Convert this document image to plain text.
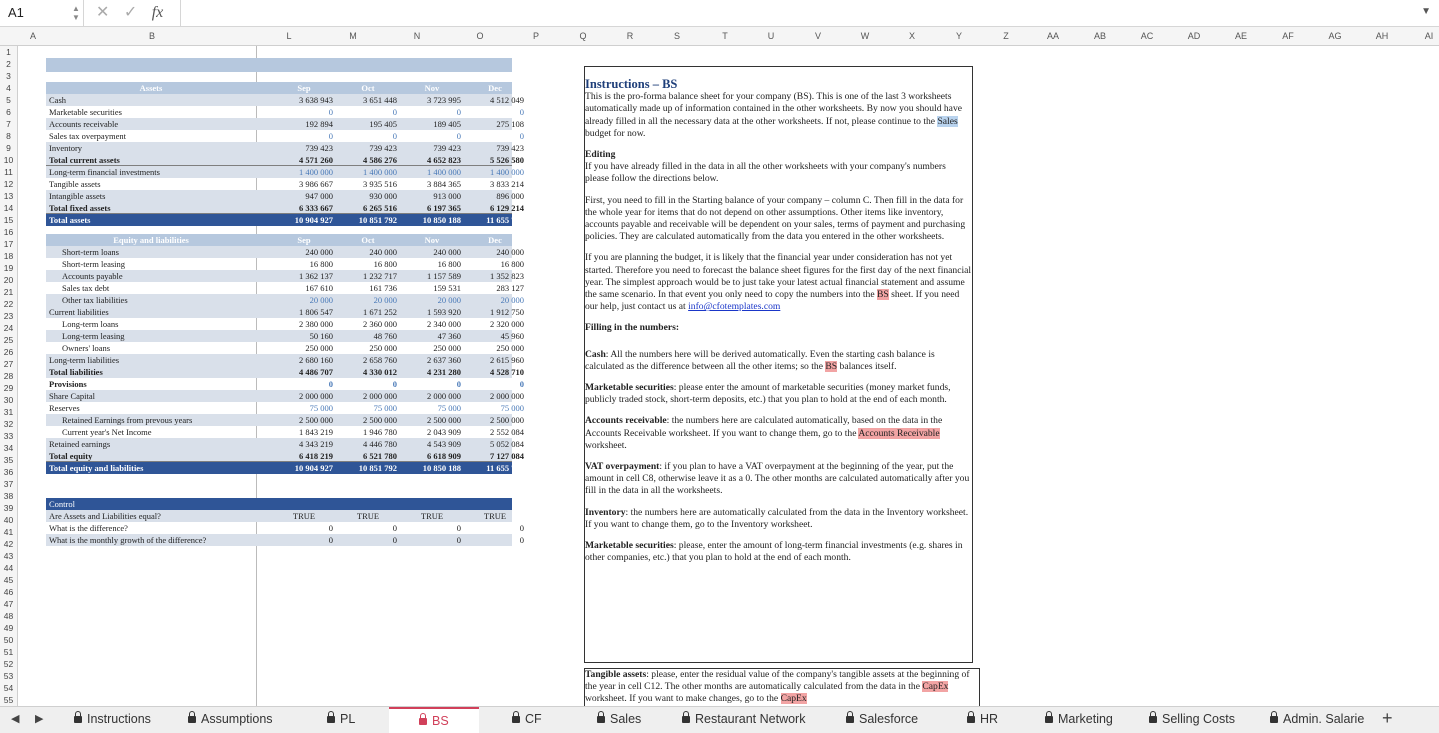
A1	▲
▼ ✕ ✓ fx	▼
A	B	L	M	N	O	P	Q	R	S	T	U	V	W	X	Y	Z	AA	AB	AC	AD	AE	AF	AG	AH	AI
1
2
3
4
5
6
7
8
9
10
11
12
13
14
15
16
17
18
19
20
21
22
23
24
25
26
27
28
29
30
31
32
33
34
35
36
37
38
39
40
41
42
43
44
45
46
47
48
49
50
51
52
53
54
55
Assets	Sep	Oct	Nov	Dec
Cash	3 638 943	3 651 448	3 723 995	4 512 049
Marketable securities	0	0	0	0
Accounts receivable	192 894	195 405	189 405	275 108
Sales tax overpayment	0	0	0	0
Inventory	739 423	739 423	739 423	739 423
Total current assets	4 571 260	4 586 276	4 652 823	5 526 580
Long-term financial investments	1 400 000	1 400 000	1 400 000	1 400 000
Tangible assets	3 986 667	3 935 516	3 884 365	3 833 214
Intangible assets	947 000	930 000	913 000	896 000
Total fixed assets	6 333 667	6 265 516	6 197 365	6 129 214
Total assets	10 904 927	10 851 792	10 850 188	11 655 794
Equity and liabilities	Sep	Oct	Nov	Dec
Short-term loans	240 000	240 000	240 000	240 000
Short-term leasing	16 800	16 800	16 800	16 800
Accounts payable	1 362 137	1 232 717	1 157 589	1 352 823
Sales tax debt	167 610	161 736	159 531	283 127
Other tax liabilities	20 000	20 000	20 000	20 000
Current liabilities	1 806 547	1 671 252	1 593 920	1 912 750
Long-term loans	2 380 000	2 360 000	2 340 000	2 320 000
Long-term leasing	50 160	48 760	47 360	45 960
Owners' loans	250 000	250 000	250 000	250 000
Long-term liabilities	2 680 160	2 658 760	2 637 360	2 615 960
Total liabilities	4 486 707	4 330 012	4 231 280	4 528 710
Provisions	0	0	0	0
Share Capital	2 000 000	2 000 000	2 000 000	2 000 000
Reserves	75 000	75 000	75 000	75 000
Retained Earnings from prevous years	2 500 000	2 500 000	2 500 000	2 500 000
Current year's Net Income	1 843 219	1 946 780	2 043 909	2 552 084
Retained earnings	4 343 219	4 446 780	4 543 909	5 052 084
Total equity	6 418 219	6 521 780	6 618 909	7 127 084
Total equity and liabilities	10 904 927	10 851 792	10 850 188	11 655 794
Control
Are Assets and Liabilities equal?	TRUE	TRUE	TRUE	TRUE
What is the difference?	0	0	0	0
What is the monthly growth of the difference?	0	0	0	0
Instructions – BS

This is the pro-forma balance sheet for your company (BS). This is one of the last 3 worksheets automatically made up of information contained in the other worksheets. By now you should have already filled in all the necessary data at the other worksheets. If not, please continue to the Sales budget for now.

Editing
If you have already filled in the data in all the other worksheets with your company's numbers please follow the directions below.

First, you need to fill in the Starting balance of your company – column C. Then fill in the data for the whole year for items that do not depend on other assumptions. Other items like inventory, accounts payable and receivable will be dependent on your sales, terms of payment and purchasing policies. They are calculated automatically from the data you entered in the other worksheets.

If you are planning the budget, it is likely that the financial year under consideration has not yet started. Therefore you need to forecast the balance sheet figures for the first day of the next financial year. The simplest approach would be to just take your latest actual financial statement and assume the same scenario. In that event you only need to copy the numbers into the BS sheet. If you need our help, just contact us at info@cfotemplates.com

Filling in the numbers:

Cash: All the numbers here will be derived automatically. Even the starting cash balance is calculated as the difference between all the other items; so the BS balances itself.

Marketable securities: please enter the amount of marketable securities (money market funds, publicly traded stock, short-term deposits, etc.) that you plan to hold at the end of each month.

Accounts receivable: the numbers here are calculated automatically, based on the data in the Accounts Receivable worksheet. If you want to change them, go to the Accounts Receivable worksheet.

VAT overpayment: if you plan to have a VAT overpayment at the beginning of the year, put the amount in cell C8, otherwise leave it as a 0. The other months are calculated automatically after you fill in the data in all the worksheets.

Inventory: the numbers here are automatically calculated from the data in the Inventory worksheet. If you want to change them, go to the Inventory worksheet.

Marketable securities: please, enter the amount of long-term financial investments (e.g. shares in other companies, etc.) that you plan to hold at the end of each month.

Tangible assets: please, enter the residual value of the company's tangible assets at the beginning of the year in cell C12. The other months are automatically calculated from the data in the CapEx worksheet. If you want to make changes, go to the CapEx

◀ ▶	+
Instructions	Assumptions	PL	BS	CF	Sales	Restaurant Network	Salesforce	HR	Marketing	Selling Costs	Admin. Salarie
